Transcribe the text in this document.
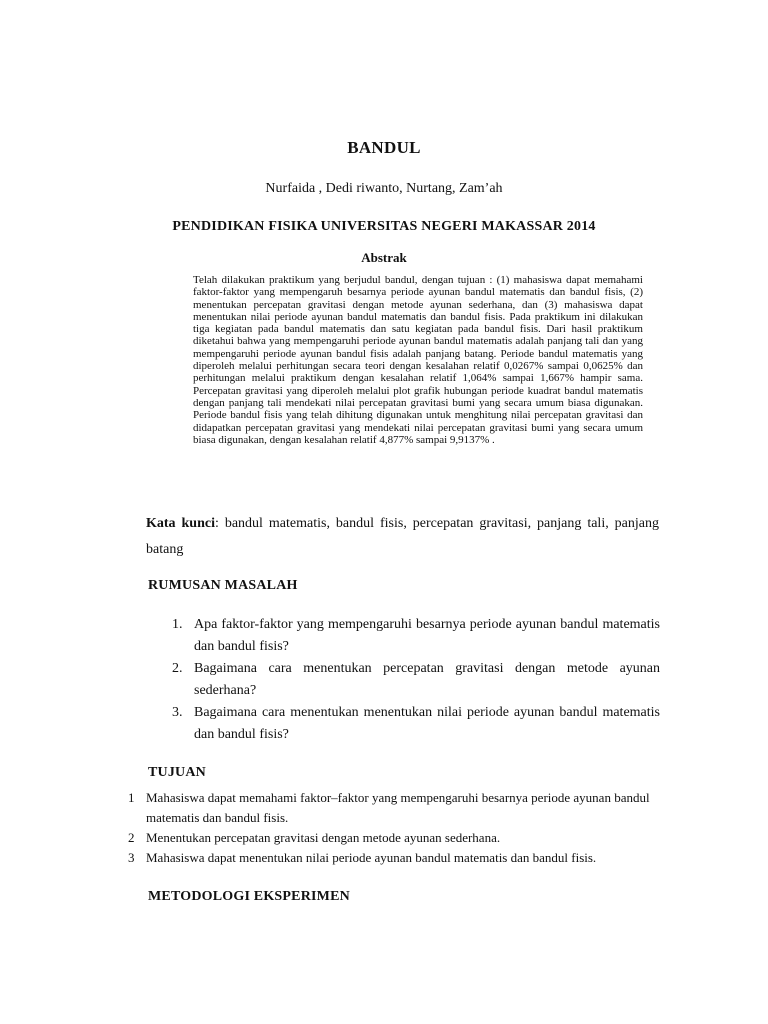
BANDUL
Nurfaida , Dedi riwanto, Nurtang, Zam’ah
PENDIDIKAN FISIKA UNIVERSITAS NEGERI MAKASSAR 2014
Abstrak

Telah dilakukan praktikum yang berjudul bandul, dengan tujuan : (1) mahasiswa dapat memahami faktor-faktor yang mempengaruh besarnya periode ayunan bandul matematis dan bandul fisis, (2) menentukan percepatan gravitasi dengan metode ayunan sederhana, dan (3) mahasiswa dapat menentukan nilai periode ayunan bandul matematis dan bandul fisis. Pada praktikum ini dilakukan tiga kegiatan pada bandul matematis dan satu kegiatan pada bandul fisis. Dari hasil praktikum diketahui bahwa yang mempengaruhi periode ayunan bandul matematis adalah panjang tali dan yang mempengaruhi periode ayunan bandul fisis adalah panjang batang. Periode bandul matematis yang diperoleh melalui perhitungan secara teori dengan kesalahan relatif 0,0267% sampai 0,0625% dan perhitungan melalui praktikum dengan kesalahan relatif 1,064% sampai 1,667% hampir sama. Percepatan gravitasi yang diperoleh melalui plot grafik hubungan periode kuadrat bandul matematis dengan panjang tali mendekati nilai percepatan gravitasi bumi yang secara umum biasa digunakan. Periode bandul fisis yang telah dihitung digunakan untuk menghitung nilai percepatan gravitasi dan didapatkan percepatan gravitasi yang mendekati nilai percepatan gravitasi bumi yang secara umum biasa digunakan, dengan kesalahan relatif 4,877% sampai 9,9137% .

Kata kunci: bandul matematis, bandul fisis, percepatan gravitasi, panjang tali, panjang batang

RUMUSAN MASALAH
1. Apa faktor-faktor yang mempengaruhi besarnya periode ayunan bandul matematis dan bandul fisis?
2. Bagaimana cara menentukan percepatan gravitasi dengan metode ayunan sederhana?
3. Bagaimana cara menentukan menentukan nilai periode ayunan bandul matematis dan bandul fisis?
TUJUAN
1 Mahasiswa dapat memahami faktor–faktor yang mempengaruhi besarnya periode ayunan bandul matematis dan bandul fisis.
2 Menentukan percepatan gravitasi dengan metode ayunan sederhana.
3 Mahasiswa dapat menentukan nilai periode ayunan bandul matematis dan bandul fisis.
METODOLOGI EKSPERIMEN
